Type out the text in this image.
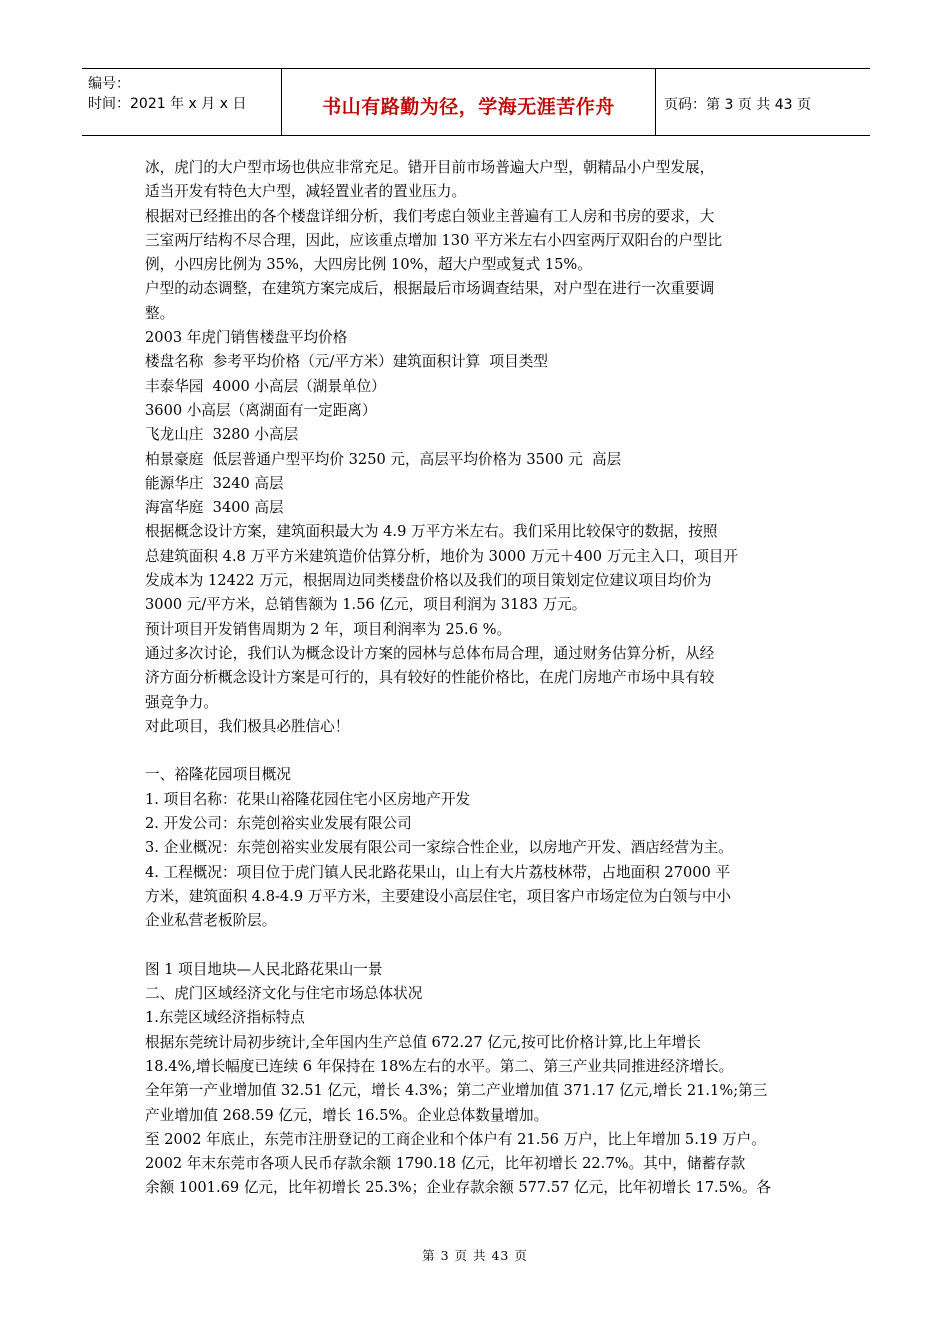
编号：
时间：2021 年 x 月 x 日	书山有路勤为径，学海无涯苦作舟	页码：第 3 页 共 43 页

冰，虎门的大户型市场也供应非常充足。错开目前市场普遍大户型，朝精品小户型发展，

适当开发有特色大户型，减轻置业者的置业压力。

根据对已经推出的各个楼盘详细分析，我们考虑白领业主普遍有工人房和书房的要求，大

三室两厅结构不尽合理，因此，应该重点增加 130 平方米左右小四室两厅双阳台的户型比

例，小四房比例为 35%，大四房比例 10%，超大户型或复式 15%。

户型的动态调整，在建筑方案完成后，根据最后市场调查结果，对户型在进行一次重要调

整。

2003 年虎门销售楼盘平均价格

楼盘名称  参考平均价格（元/平方米）建筑面积计算  项目类型

丰泰华园  4000 小高层（湖景单位）

3600 小高层（离湖面有一定距离）

飞龙山庄  3280 小高层

柏景豪庭  低层普通户型平均价 3250 元，高层平均价格为 3500 元  高层

能源华庄  3240 高层

海富华庭  3400 高层

根据概念设计方案，建筑面积最大为 4.9 万平方米左右。我们采用比较保守的数据，按照

总建筑面积 4.8 万平方米建筑造价估算分析，地价为 3000 万元＋400 万元主入口，项目开

发成本为 12422 万元，根据周边同类楼盘价格以及我们的项目策划定位建议项目均价为

3000 元/平方米，总销售额为 1.56 亿元，项目利润为 3183 万元。

预计项目开发销售周期为 2 年，项目利润率为 25.6 %。

通过多次讨论，我们认为概念设计方案的园林与总体布局合理，通过财务估算分析，从经

济方面分析概念设计方案是可行的，具有较好的性能价格比，在虎门房地产市场中具有较

强竞争力。

对此项目，我们极具必胜信心！

一、裕隆花园项目概况

1. 项目名称：花果山裕隆花园住宅小区房地产开发

2. 开发公司：东莞创裕实业发展有限公司

3. 企业概况：东莞创裕实业发展有限公司一家综合性企业，以房地产开发、酒店经营为主。

4. 工程概况：项目位于虎门镇人民北路花果山，山上有大片荔枝林带，占地面积 27000 平

方米，建筑面积 4.8-4.9 万平方米，主要建设小高层住宅，项目客户市场定位为白领与中小

企业私营老板阶层。

图 1 项目地块—人民北路花果山一景

二、虎门区域经济文化与住宅市场总体状况

1.东莞区域经济指标特点

根据东莞统计局初步统计,全年国内生产总值 672.27 亿元,按可比价格计算,比上年增长

18.4%,增长幅度已连续 6 年保持在 18%左右的水平。第二、第三产业共同推进经济增长。

全年第一产业增加值 32.51 亿元，增长 4.3%；第二产业增加值 371.17 亿元,增长 21.1%;第三

产业增加值 268.59 亿元，增长 16.5%。企业总体数量增加。

至 2002 年底止，东莞市注册登记的工商企业和个体户有 21.56 万户，比上年增加 5.19 万户。

2002 年末东莞市各项人民币存款余额 1790.18 亿元，比年初增长 22.7%。其中，储蓄存款

余额 1001.69 亿元，比年初增长 25.3%；企业存款余额 577.57 亿元，比年初增长 17.5%。各

第 3 页 共 43 页
